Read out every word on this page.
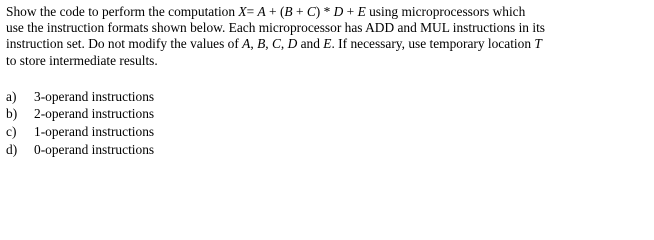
Show the code to perform the computation X= A + (B + C) * D + E using microprocessors which
use the instruction formats shown below. Each microprocessor has ADD and MUL instructions in its
instruction set. Do not modify the values of A, B, C, D and E. If necessary, use temporary location T
to store intermediate results.

a)	3-operand instructions
b)	2-operand instructions
c)	1-operand instructions
d)	0-operand instructions
